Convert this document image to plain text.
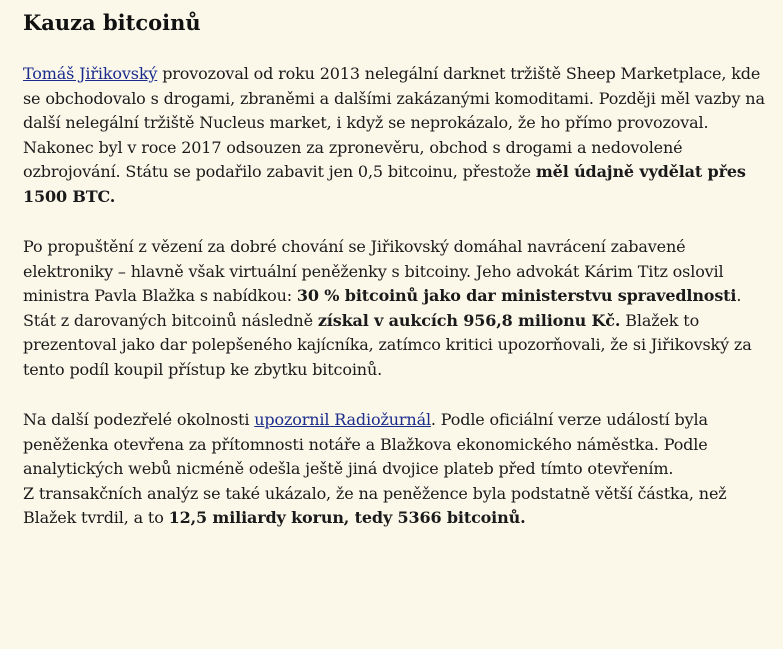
Kauza bitcoinů

Tomáš Jiřikovský provozoval od roku 2013 nelegální darknet tržiště Sheep Marketplace, kde se obchodovalo s drogami, zbraněmi a dalšími zakázanými komoditami. Později měl vazby na další nelegální tržiště Nucleus market, i když se neprokázalo, že ho přímo provozoval. Nakonec byl v roce 2017 odsouzen za zpronevěru, obchod s drogami a nedovolené ozbrojování. Státu se podařilo zabavit jen 0,5 bitcoinu, přestože měl údajně vydělat přes 1500 BTC.

Po propuštění z vězení za dobré chování se Jiřikovský domáhal navrácení zabavené elektroniky – hlavně však virtuální peněženky s bitcoiny. Jeho advokát Kárim Titz oslovil ministra Pavla Blažka s nabídkou: 30 % bitcoinů jako dar ministerstvu spravedlnosti. Stát z darovaných bitcoinů následně získal v aukcích 956,8 milionu Kč. Blažek to prezentoval jako dar polepšeného kajícníka, zatímco kritici upozorňovali, že si Jiřikovský za tento podíl koupil přístup ke zbytku bitcoinů.

Na další podezřelé okolnosti upozornil Radiožurnál. Podle oficiální verze událostí byla peněženka otevřena za přítomnosti notáře a Blažkova ekonomického náměstka. Podle analytických webů nicméně odešla ještě jiná dvojice plateb před tímto otevřením.
Z transakčních analýz se také ukázalo, že na peněžence byla podstatně větší částka, než Blažek tvrdil, a to 12,5 miliardy korun, tedy 5366 bitcoinů.
